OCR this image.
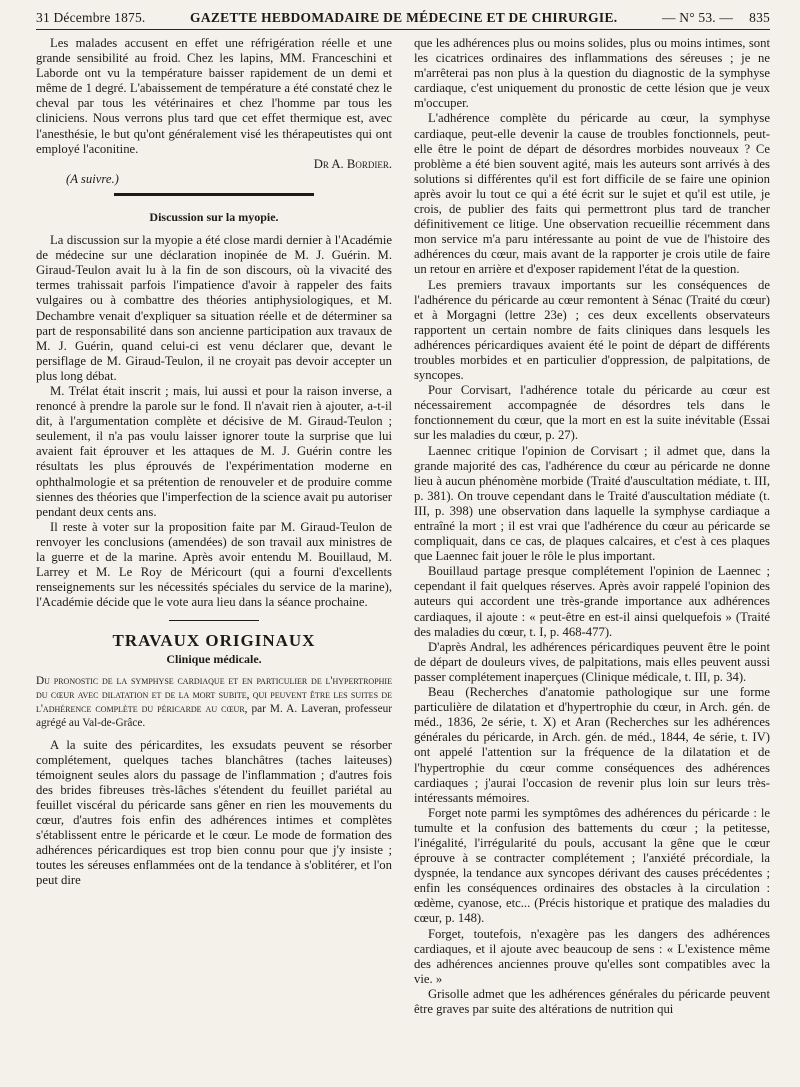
31 Décembre 1875.	GAZETTE HEBDOMADAIRE DE MÉDECINE ET DE CHIRURGIE.	— N° 53. — 835

Les malades accusent en effet une réfrigération réelle et une grande sensibilité au froid. Chez les lapins, MM. Franceschini et Laborde ont vu la température baisser rapidement de un demi et même de 1 degré. L'abaissement de température a été constaté chez le cheval par tous les vétérinaires et chez l'homme par tous les cliniciens. Nous verrons plus tard que cet effet thermique est, avec l'anesthésie, le but qu'ont généralement visé les thérapeutistes qui ont employé l'aconitine.

Dr A. Bordier.

(A suivre.)

Discussion sur la myopie.

La discussion sur la myopie a été close mardi dernier à l'Académie de médecine sur une déclaration inopinée de M. J. Guérin. M. Giraud-Teulon avait lu à la fin de son discours, où la vivacité des termes trahissait parfois l'impatience d'avoir à rappeler des faits vulgaires ou à combattre des théories antiphysiologiques, et M. Dechambre venait d'expliquer sa situation réelle et de déterminer sa part de responsabilité dans son ancienne participation aux travaux de M. J. Guérin, quand celui-ci est venu déclarer que, devant le persiflage de M. Giraud-Teulon, il ne croyait pas devoir accepter un plus long débat.

M. Trélat était inscrit ; mais, lui aussi et pour la raison inverse, a renoncé à prendre la parole sur le fond. Il n'avait rien à ajouter, a-t-il dit, à l'argumentation complète et décisive de M. Giraud-Teulon ; seulement, il n'a pas voulu laisser ignorer toute la surprise que lui avaient fait éprouver et les attaques de M. J. Guérin contre les résultats les plus éprouvés de l'expérimentation moderne en ophthalmologie et sa prétention de renouveler et de produire comme siennes des théories que l'imperfection de la science avait pu autoriser pendant deux cents ans.

Il reste à voter sur la proposition faite par M. Giraud-Teulon de renvoyer les conclusions (amendées) de son travail aux ministres de la guerre et de la marine. Après avoir entendu M. Bouillaud, M. Larrey et M. Le Roy de Méricourt (qui a fourni d'excellents renseignements sur les nécessités spéciales du service de la marine), l'Académie décide que le vote aura lieu dans la séance prochaine.

TRAVAUX ORIGINAUX
Clinique médicale.
Du pronostic de la symphyse cardiaque et en particulier de l'hypertrophie du cœur avec dilatation et de la mort subite, qui peuvent être les suites de l'adhérence complète du péricarde au cœur, par M. A. Laveran, professeur agrégé au Val-de-Grâce.

A la suite des péricardites, les exsudats peuvent se résorber complétement, quelques taches blanchâtres (taches laiteuses) témoignent seules alors du passage de l'inflammation ; d'autres fois des brides fibreuses très-lâches s'étendent du feuillet pariétal au feuillet viscéral du péricarde sans gêner en rien les mouvements du cœur, d'autres fois enfin des adhérences intimes et complètes s'établissent entre le péricarde et le cœur. Le mode de formation des adhérences péricardiques est trop bien connu pour que j'y insiste ; toutes les séreuses enflammées ont de la tendance à s'oblitérer, et l'on peut dire

que les adhérences plus ou moins solides, plus ou moins intimes, sont les cicatrices ordinaires des inflammations des séreuses ; je ne m'arrêterai pas non plus à la question du diagnostic de la symphyse cardiaque, c'est uniquement du pronostic de cette lésion que je veux m'occuper.

L'adhérence complète du péricarde au cœur, la symphyse cardiaque, peut-elle devenir la cause de troubles fonctionnels, peut-elle être le point de départ de désordres morbides nouveaux ? Ce problème a été bien souvent agité, mais les auteurs sont arrivés à des solutions si différentes qu'il est fort difficile de se faire une opinion après avoir lu tout ce qui a été écrit sur le sujet et qu'il est utile, je crois, de publier des faits qui permettront plus tard de trancher définitivement ce litige. Une observation recueillie récemment dans mon service m'a paru intéressante au point de vue de l'histoire des adhérences du cœur, mais avant de la rapporter je crois utile de faire un retour en arrière et d'exposer rapidement l'état de la question.

Les premiers travaux importants sur les conséquences de l'adhérence du péricarde au cœur remontent à Sénac (Traité du cœur) et à Morgagni (lettre 23e) ; ces deux excellents observateurs rapportent un certain nombre de faits cliniques dans lesquels les adhérences péricardiques avaient été le point de départ de différents troubles morbides et en particulier d'oppression, de palpitations, de syncopes.

Pour Corvisart, l'adhérence totale du péricarde au cœur est nécessairement accompagnée de désordres tels dans le fonctionnement du cœur, que la mort en est la suite inévitable (Essai sur les maladies du cœur, p. 27).

Laennec critique l'opinion de Corvisart ; il admet que, dans la grande majorité des cas, l'adhérence du cœur au péricarde ne donne lieu à aucun phénomène morbide (Traité d'auscultation médiate, t. III, p. 381). On trouve cependant dans le Traité d'auscultation médiate (t. III, p. 398) une observation dans laquelle la symphyse cardiaque a entraîné la mort ; il est vrai que l'adhérence du cœur au péricarde se compliquait, dans ce cas, de plaques calcaires, et c'est à ces plaques que Laennec fait jouer le rôle le plus important.

Bouillaud partage presque complétement l'opinion de Laennec ; cependant il fait quelques réserves. Après avoir rappelé l'opinion des auteurs qui accordent une très-grande importance aux adhérences cardiaques, il ajoute : « peut-être en est-il ainsi quelquefois » (Traité des maladies du cœur, t. I, p. 468-477).

D'après Andral, les adhérences péricardiques peuvent être le point de départ de douleurs vives, de palpitations, mais elles peuvent aussi passer complétement inaperçues (Clinique médicale, t. III, p. 34).

Beau (Recherches d'anatomie pathologique sur une forme particulière de dilatation et d'hypertrophie du cœur, in Arch. gén. de méd., 1836, 2e série, t. X) et Aran (Recherches sur les adhérences générales du péricarde, in Arch. gén. de méd., 1844, 4e série, t. IV) ont appelé l'attention sur la fréquence de la dilatation et de l'hypertrophie du cœur comme conséquences des adhérences cardiaques ; j'aurai l'occasion de revenir plus loin sur leurs très-intéressants mémoires.

Forget note parmi les symptômes des adhérences du péricarde : le tumulte et la confusion des battements du cœur ; la petitesse, l'inégalité, l'irrégularité du pouls, accusant la gêne que le cœur éprouve à se contracter complétement ; l'anxiété précordiale, la dyspnée, la tendance aux syncopes dérivant des causes précédentes ; enfin les conséquences ordinaires des obstacles à la circulation : œdème, cyanose, etc... (Précis historique et pratique des maladies du cœur, p. 148).

Forget, toutefois, n'exagère pas les dangers des adhérences cardiaques, et il ajoute avec beaucoup de sens : « L'existence même des adhérences anciennes prouve qu'elles sont compatibles avec la vie. »

Grisolle admet que les adhérences générales du péricarde peuvent être graves par suite des altérations de nutrition qui
